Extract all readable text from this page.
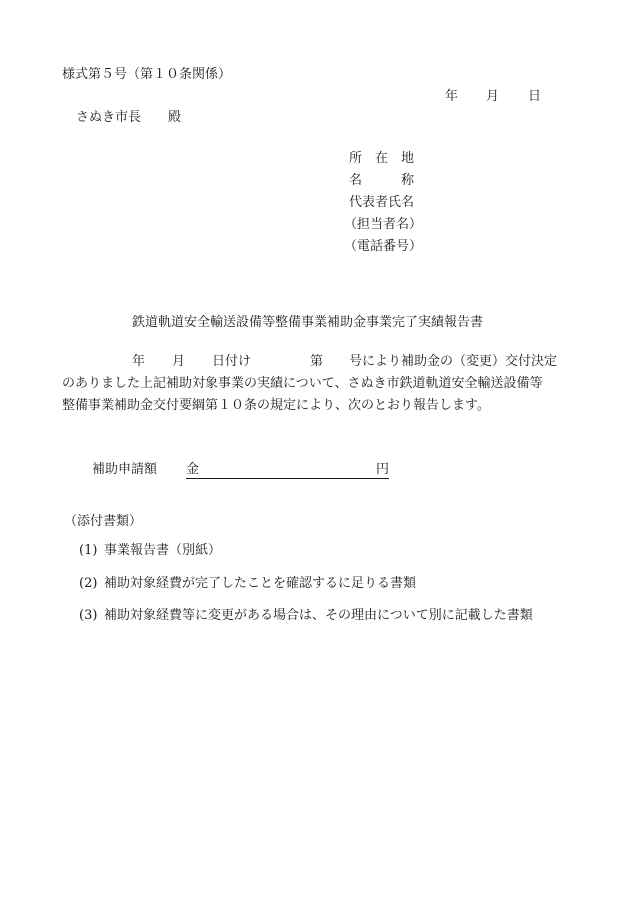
様式第５号（第１０条関係）
年 月 日
さぬき市長 殿
所　在　地
名　　　称
代表者氏名
（担当者名）
（電話番号）
鉄道軌道安全輸送設備等整備事業補助金事業完了実績報告書
年 月 日付け	第 号により補助金の（変更）交付決定
のありました上記補助対象事業の実績について、さぬき市鉄道軌道安全輸送設備等
整備事業補助金交付要綱第１０条の規定により、次のとおり報告します。
補助申請額 金	円
（添付書類）
(1) 事業報告書（別紙）
(2) 補助対象経費が完了したことを確認するに足りる書類
(3) 補助対象経費等に変更がある場合は、その理由について別に記載した書類
